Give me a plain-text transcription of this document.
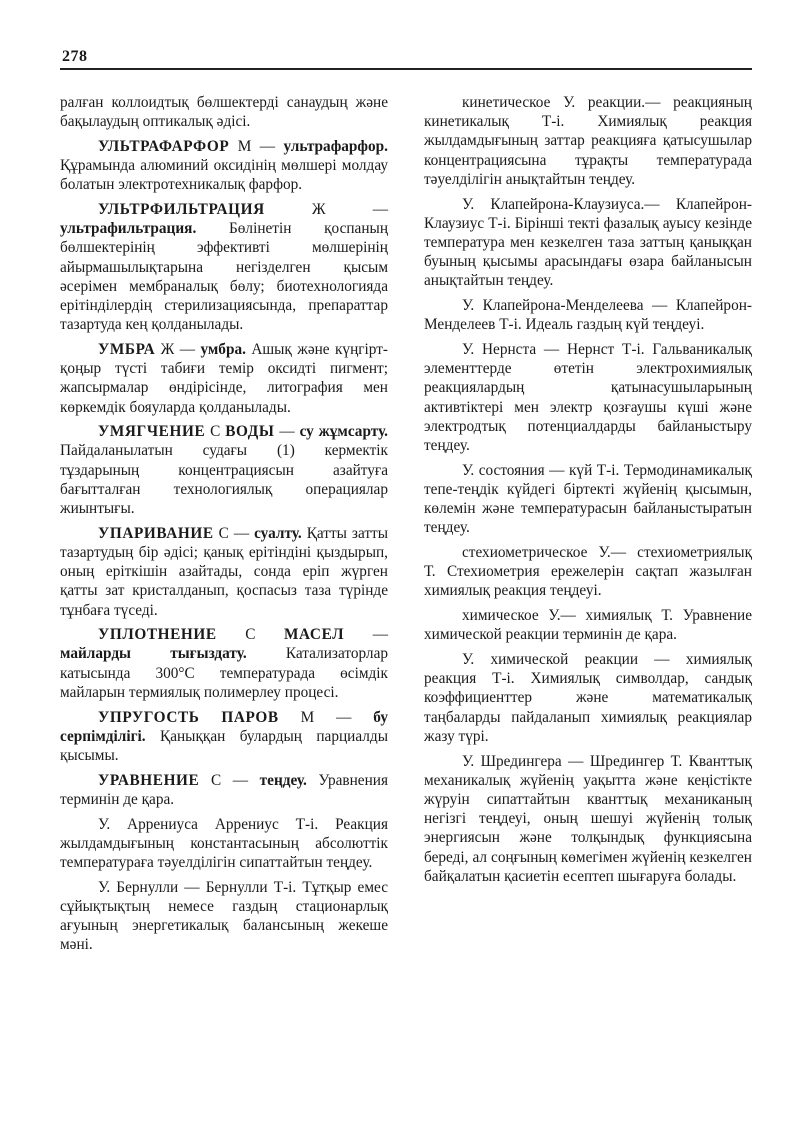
278

ралған коллоидтық бөлшектерді санаудың және бақылаудың оптикалық әдісі.

УЛЬТРАФАРФОР М — ультрафарфор. Құрамында алюминий оксидінің мөлшері молдау болатын электротехникалық фарфор.

УЛЬТРФИЛЬТРАЦИЯ	Ж — ультрафильтрация. Бөлінетін қоспаның бөлшектерінің эффективті мөлшерінің айырмашылықтарына негізделген қысым әсерімен мембраналық бөлу; биотехнологияда ерітінділердің стерилизациясында, препараттар тазартуда кең қолданылады.

УМБРА Ж — умбра. Ашық және күңгірт-қоңыр түсті табиғи темір оксидті пигмент; жапсырмалар өндірісінде, литография мен көркемдік бояуларда қолданылады.

УМЯГЧЕНИЕ С ВОДЫ — су жұмсарту. Пайдаланылатын судағы (1) кермектік тұздарының концентрациясын азайтуға бағытталған технологиялық операциялар жиынтығы.

УПАРИВАНИЕ С — суалту. Қатты затты тазартудың бір әдісі; қанық ерітіндіні қыздырып, оның еріткішін азайтады, сонда еріп жүрген қатты зат кристалданып, қоспасыз таза түрінде тұнбаға түседі.

УПЛОТНЕНИЕ С МАСЕЛ — майларды тығыздату. Катализаторлар катысында 300°С температурада өсімдік майларын термиялық полимерлеу процесі.

УПРУГОСТЬ ПАРОВ М — бу серпімділігі. Қаныққан булардың парциалды қысымы.

УРАВНЕНИЕ С — теңдеу. Уравнения терминін де қара.

У. Аррениуса Аррениус Т-і. Реакция жылдамдығының константасының абсолюттік температураға тәуелділігін сипаттайтын теңдеу.

У. Бернулли — Бернулли Т-і. Тұтқыр емес сұйықтықтың немесе газдың стационарлық ағуының энергетикалық балансының жекеше мәні.

кинетическое У. реакции.— реакцияның кинетикалық Т-і. Химиялық реакция жылдамдығының заттар реакцияға қатысушылар концентрациясына тұрақты температурада тәуелділігін анықтайтын теңдеу.

У. Клапейрона-Клаузиуса.— Клапейрон-Клаузиус Т-і. Бірінші текті фазалық ауысу кезінде температура мен кезкелген таза заттың қаныққан буының қысымы арасындағы өзара байланысын анықтайтын теңдеу.

У. Клапейрона-Менделеева — Клапейрон-Менделеев Т-і. Идеаль газдың күй теңдеуі.

У. Нернста — Нернст Т-і. Гальваникалық элементтерде өтетін электрохимиялық реакциялардың қатынасушыларының активтіктері мен электр қозғаушы күші және электродтық потенциалдарды байланыстыру теңдеу.

У. состояния — күй Т-і. Термодинамикалық тепе-теңдік күйдегі біртекті жүйенің қысымын, көлемін және температурасын байланыстыратын теңдеу.

стехиометрическое У.— стехиометриялық Т. Стехиометрия ережелерін сақтап жазылған химиялық реакция теңдеуі.

химическое У.— химиялық Т. Уравнение химической реакции терминін де қара.

У. химической реакции — химиялық реакция Т-і. Химиялық символдар, сандық коэффициенттер және математикалық таңбаларды пайдаланып химиялық реакциялар жазу түрі.

У. Шредингера — Шредингер Т. Кванттық механикалық жүйенің уақытта және кеңістікте жүруін сипаттайтын кванттық механиканың негізгі теңдеуі, оның шешуі жүйенің толық энергиясын және толқындық функциясына береді, ал соңғының көмегімен жүйенің кезкелген байқалатын қасиетін есептеп шығаруға болады.
